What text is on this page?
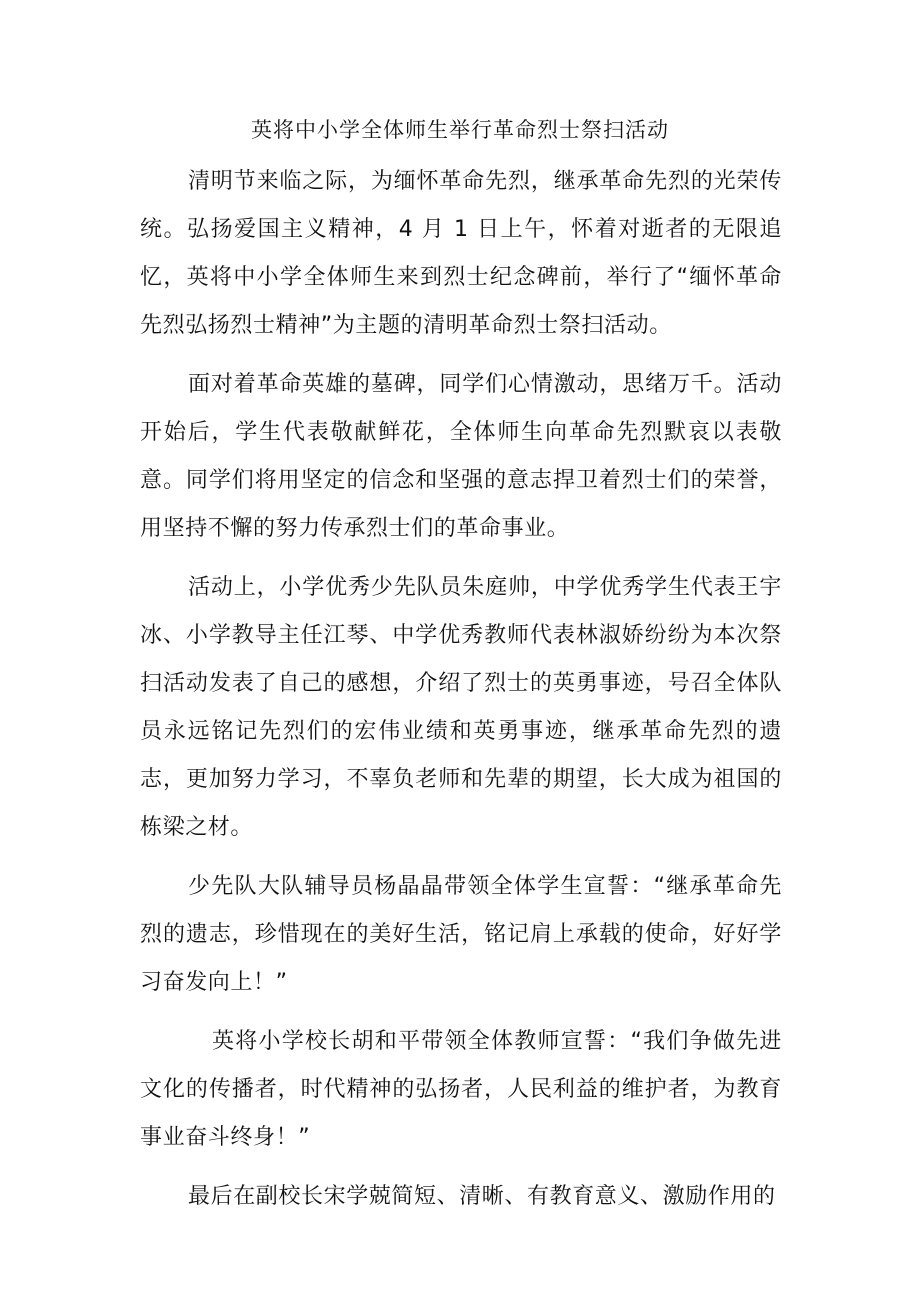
英将中小学全体师生举行革命烈士祭扫活动

清明节来临之际，为缅怀革命先烈，继承革命先烈的光荣传统。弘扬爱国主义精神，4 月 1 日上午，怀着对逝者的无限追忆，英将中小学全体师生来到烈士纪念碑前，举行了“缅怀革命先烈弘扬烈士精神”为主题的清明革命烈士祭扫活动。

面对着革命英雄的墓碑，同学们心情激动，思绪万千。活动开始后，学生代表敬献鲜花，全体师生向革命先烈默哀以表敬意。同学们将用坚定的信念和坚强的意志捍卫着烈士们的荣誉，用坚持不懈的努力传承烈士们的革命事业。

活动上，小学优秀少先队员朱庭帅，中学优秀学生代表王宇冰、小学教导主任江琴、中学优秀教师代表林淑娇纷纷为本次祭扫活动发表了自己的感想，介绍了烈士的英勇事迹，号召全体队员永远铭记先烈们的宏伟业绩和英勇事迹，继承革命先烈的遗志，更加努力学习，不辜负老师和先辈的期望，长大成为祖国的栋梁之材。

少先队大队辅导员杨晶晶带领全体学生宣誓：“继承革命先烈的遗志，珍惜现在的美好生活，铭记肩上承载的使命，好好学习奋发向上！”

英将小学校长胡和平带领全体教师宣誓：“我们争做先进文化的传播者，时代精神的弘扬者，人民利益的维护者，为教育事业奋斗终身！”

最后在副校长宋学兢简短、清晰、有教育意义、激励作用的
